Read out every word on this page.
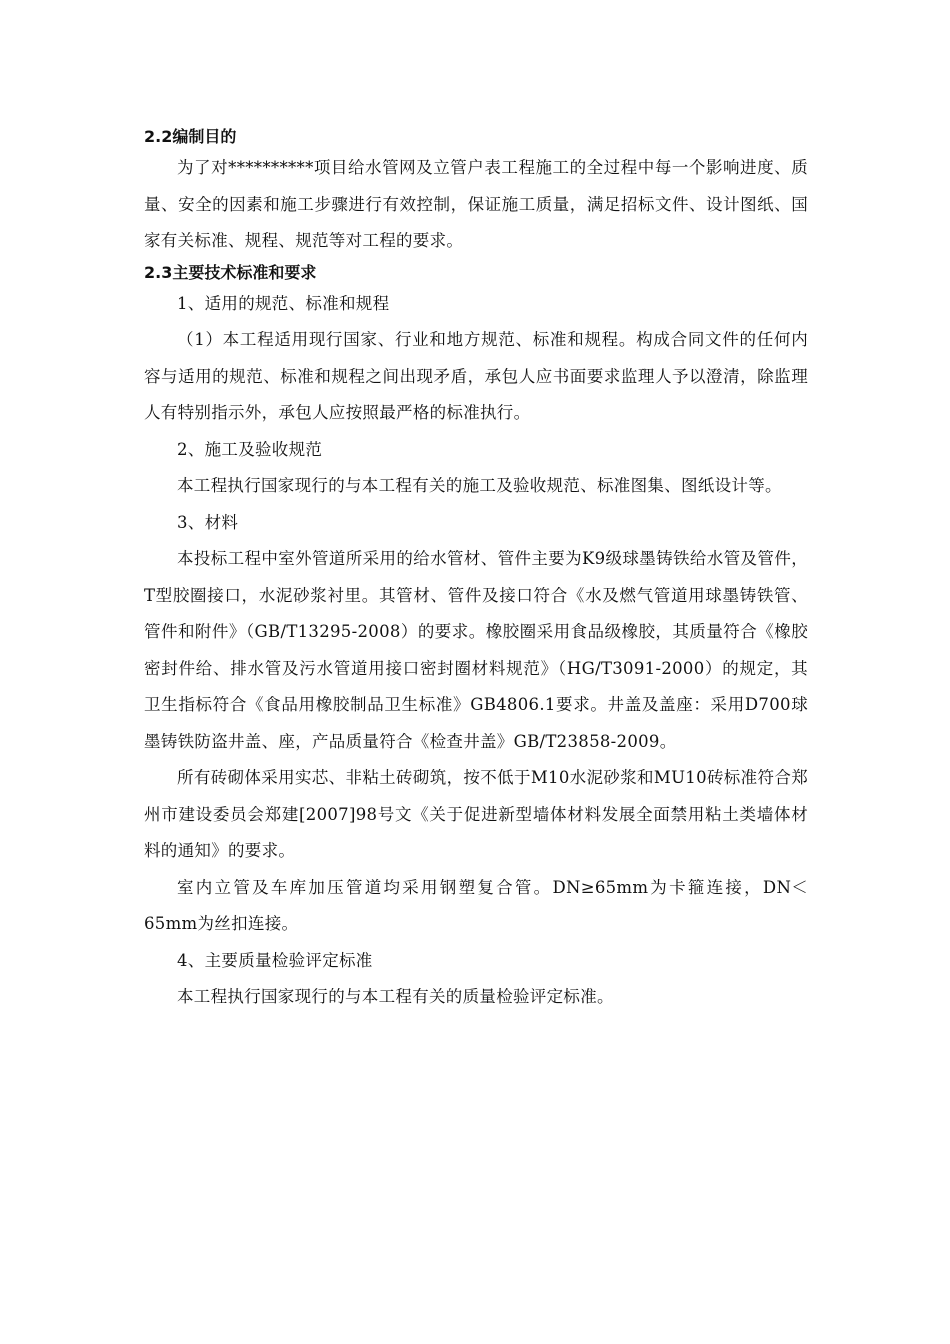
2.2编制目的

为了对**********项目给水管网及立管户表工程施工的全过程中每一个影响进度、质量、安全的因素和施工步骤进行有效控制，保证施工质量，满足招标文件、设计图纸、国家有关标准、规程、规范等对工程的要求。

2.3主要技术标准和要求

1、适用的规范、标准和规程

（1）本工程适用现行国家、行业和地方规范、标准和规程。构成合同文件的任何内容与适用的规范、标准和规程之间出现矛盾，承包人应书面要求监理人予以澄清，除监理人有特别指示外，承包人应按照最严格的标准执行。

2、施工及验收规范

本工程执行国家现行的与本工程有关的施工及验收规范、标准图集、图纸设计等。

3、材料

本投标工程中室外管道所采用的给水管材、管件主要为K9级球墨铸铁给水管及管件，T型胶圈接口，水泥砂浆衬里。其管材、管件及接口符合《水及燃气管道用球墨铸铁管、管件和附件》（GB/T13295-2008）的要求。橡胶圈采用食品级橡胶，其质量符合《橡胶密封件给、排水管及污水管道用接口密封圈材料规范》（HG/T3091-2000）的规定，其卫生指标符合《食品用橡胶制品卫生标准》GB4806.1要求。井盖及盖座：采用D700球墨铸铁防盗井盖、座，产品质量符合《检查井盖》GB/T23858-2009。

所有砖砌体采用实芯、非粘土砖砌筑，按不低于M10水泥砂浆和MU10砖标准符合郑州市建设委员会郑建[2007]98号文《关于促进新型墙体材料发展全面禁用粘土类墙体材料的通知》的要求。

室内立管及车库加压管道均采用钢塑复合管。DN≥65mm为卡箍连接，DN＜65mm为丝扣连接。

4、主要质量检验评定标准

本工程执行国家现行的与本工程有关的质量检验评定标准。
